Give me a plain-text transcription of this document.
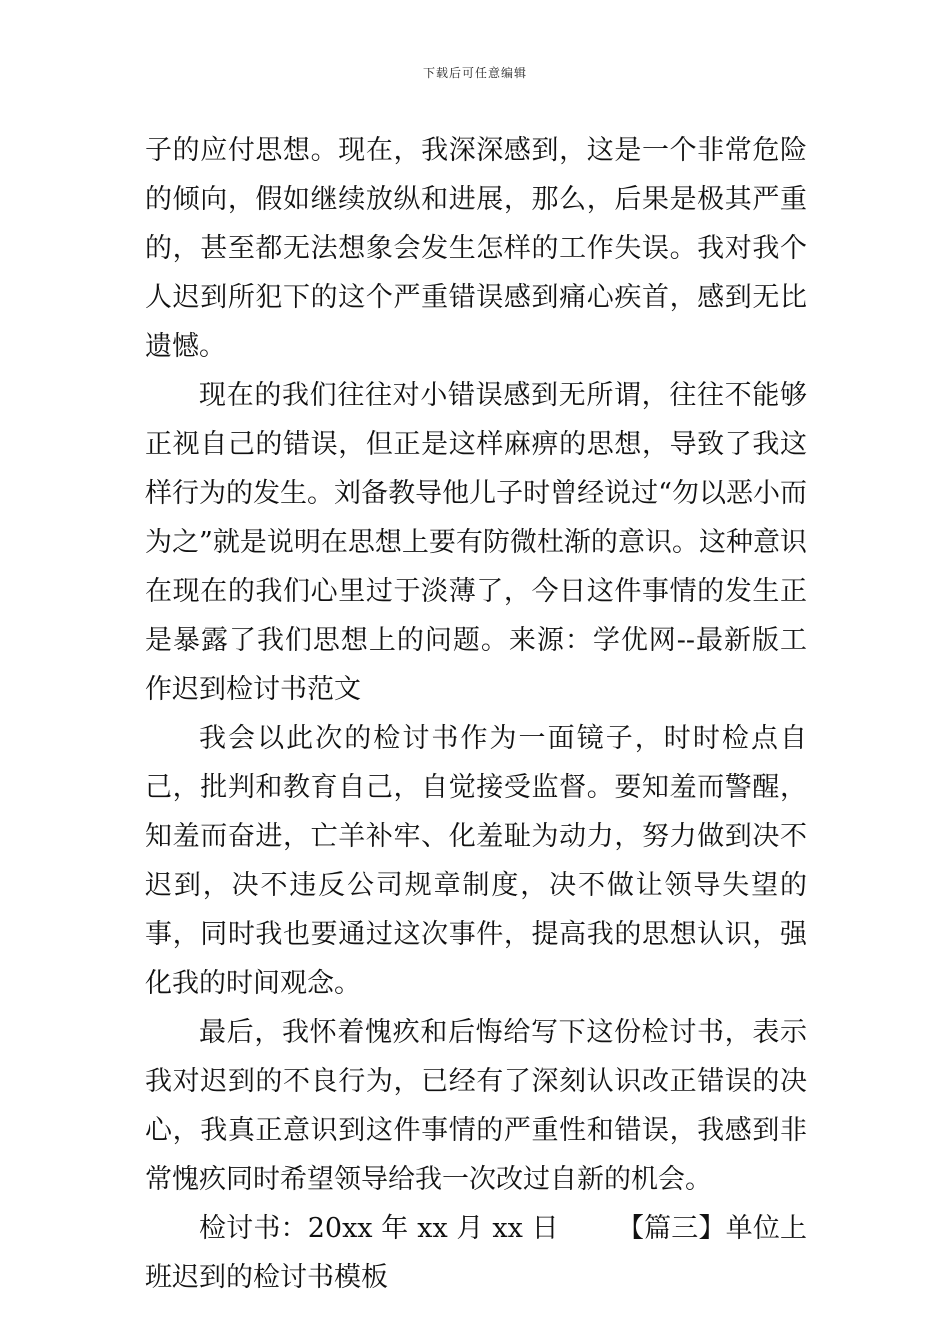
下载后可任意编辑

子的应付思想。现在，我深深感到，这是一个非常危险的倾向，假如继续放纵和进展，那么，后果是极其严重的，甚至都无法想象会发生怎样的工作失误。我对我个人迟到所犯下的这个严重错误感到痛心疾首，感到无比遗憾。

现在的我们往往对小错误感到无所谓，往往不能够正视自己的错误，但正是这样麻痹的思想，导致了我这样行为的发生。刘备教导他儿子时曾经说过“勿以恶小而为之”就是说明在思想上要有防微杜渐的意识。这种意识在现在的我们心里过于淡薄了，今日这件事情的发生正是暴露了我们思想上的问题。来源：学优网--最新版工作迟到检讨书范文

我会以此次的检讨书作为一面镜子，时时检点自己，批判和教育自己，自觉接受监督。要知羞而警醒，知羞而奋进，亡羊补牢、化羞耻为动力，努力做到决不迟到，决不违反公司规章制度，决不做让领导失望的事，同时我也要通过这次事件，提高我的思想认识，强化我的时间观念。

最后，我怀着愧疚和后悔给写下这份检讨书，表示我对迟到的不良行为，已经有了深刻认识改正错误的决心，我真正意识到这件事情的严重性和错误，我感到非常愧疚同时希望领导给我一次改过自新的机会。

检讨书：20xx 年 xx 月 xx 日 【篇三】单位上班迟到的检讨书模板
